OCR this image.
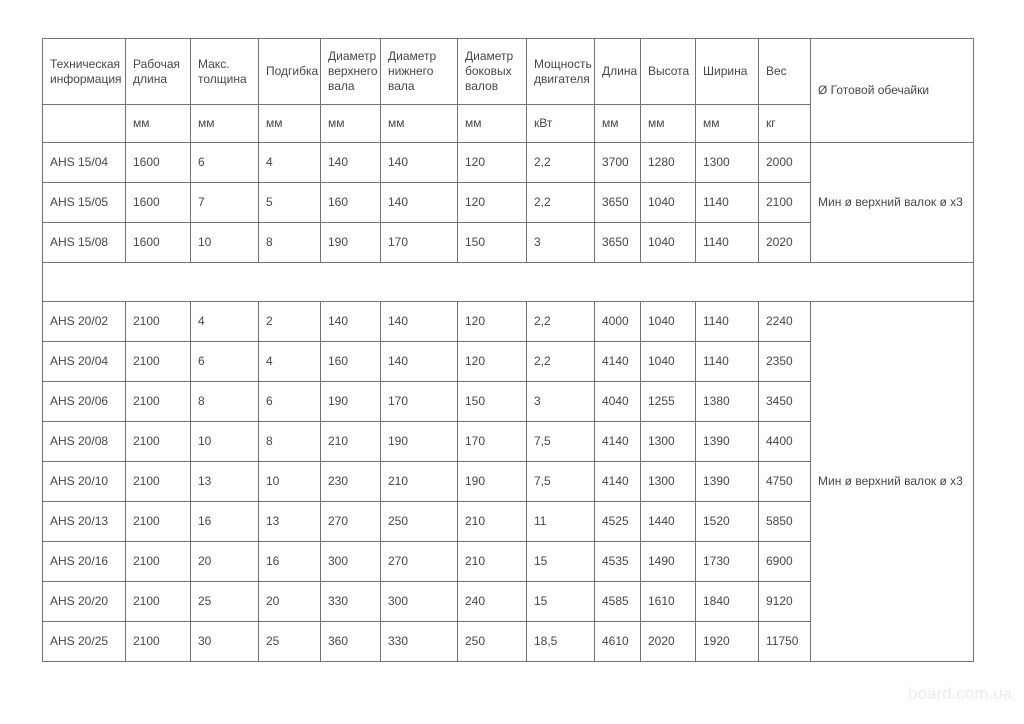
Техническая информация	Рабочая длина	Макс. толщина	Подгибка	Диаметр верхнего вала	Диаметр нижнего вала	Диаметр боковых валов	Мощность двигателя	Длина	Высота	Ширина	Вес	Ø Готовой обечайки
	мм	мм	мм	мм	мм	мм	кВт	мм	мм	мм	кг	
AHS 15/04	1600	6	4	140	140	120	2,2	3700	1280	1300	2000	Мин ø верхний валок ø х3
AHS 15/05	1600	7	5	160	140	120	2,2	3650	1040	1140	2100	
AHS 15/08	1600	10	8	190	170	150	3	3650	1040	1140	2020	

AHS 20/02	2100	4	2	140	140	120	2,2	4000	1040	1140	2240	Мин ø верхний валок ø х3
AHS 20/04	2100	6	4	160	140	120	2,2	4140	1040	1140	2350	
AHS 20/06	2100	8	6	190	170	150	3	4040	1255	1380	3450	
AHS 20/08	2100	10	8	210	190	170	7,5	4140	1300	1390	4400	
AHS 20/10	2100	13	10	230	210	190	7,5	4140	1300	1390	4750	
AHS 20/13	2100	16	13	270	250	210	11	4525	1440	1520	5850	
AHS 20/16	2100	20	16	300	270	210	15	4535	1490	1730	6900	
AHS 20/20	2100	25	20	330	300	240	15	4585	1610	1840	9120	
AHS 20/25	2100	30	25	360	330	250	18,5	4610	2020	1920	11750	
board.com.ua
